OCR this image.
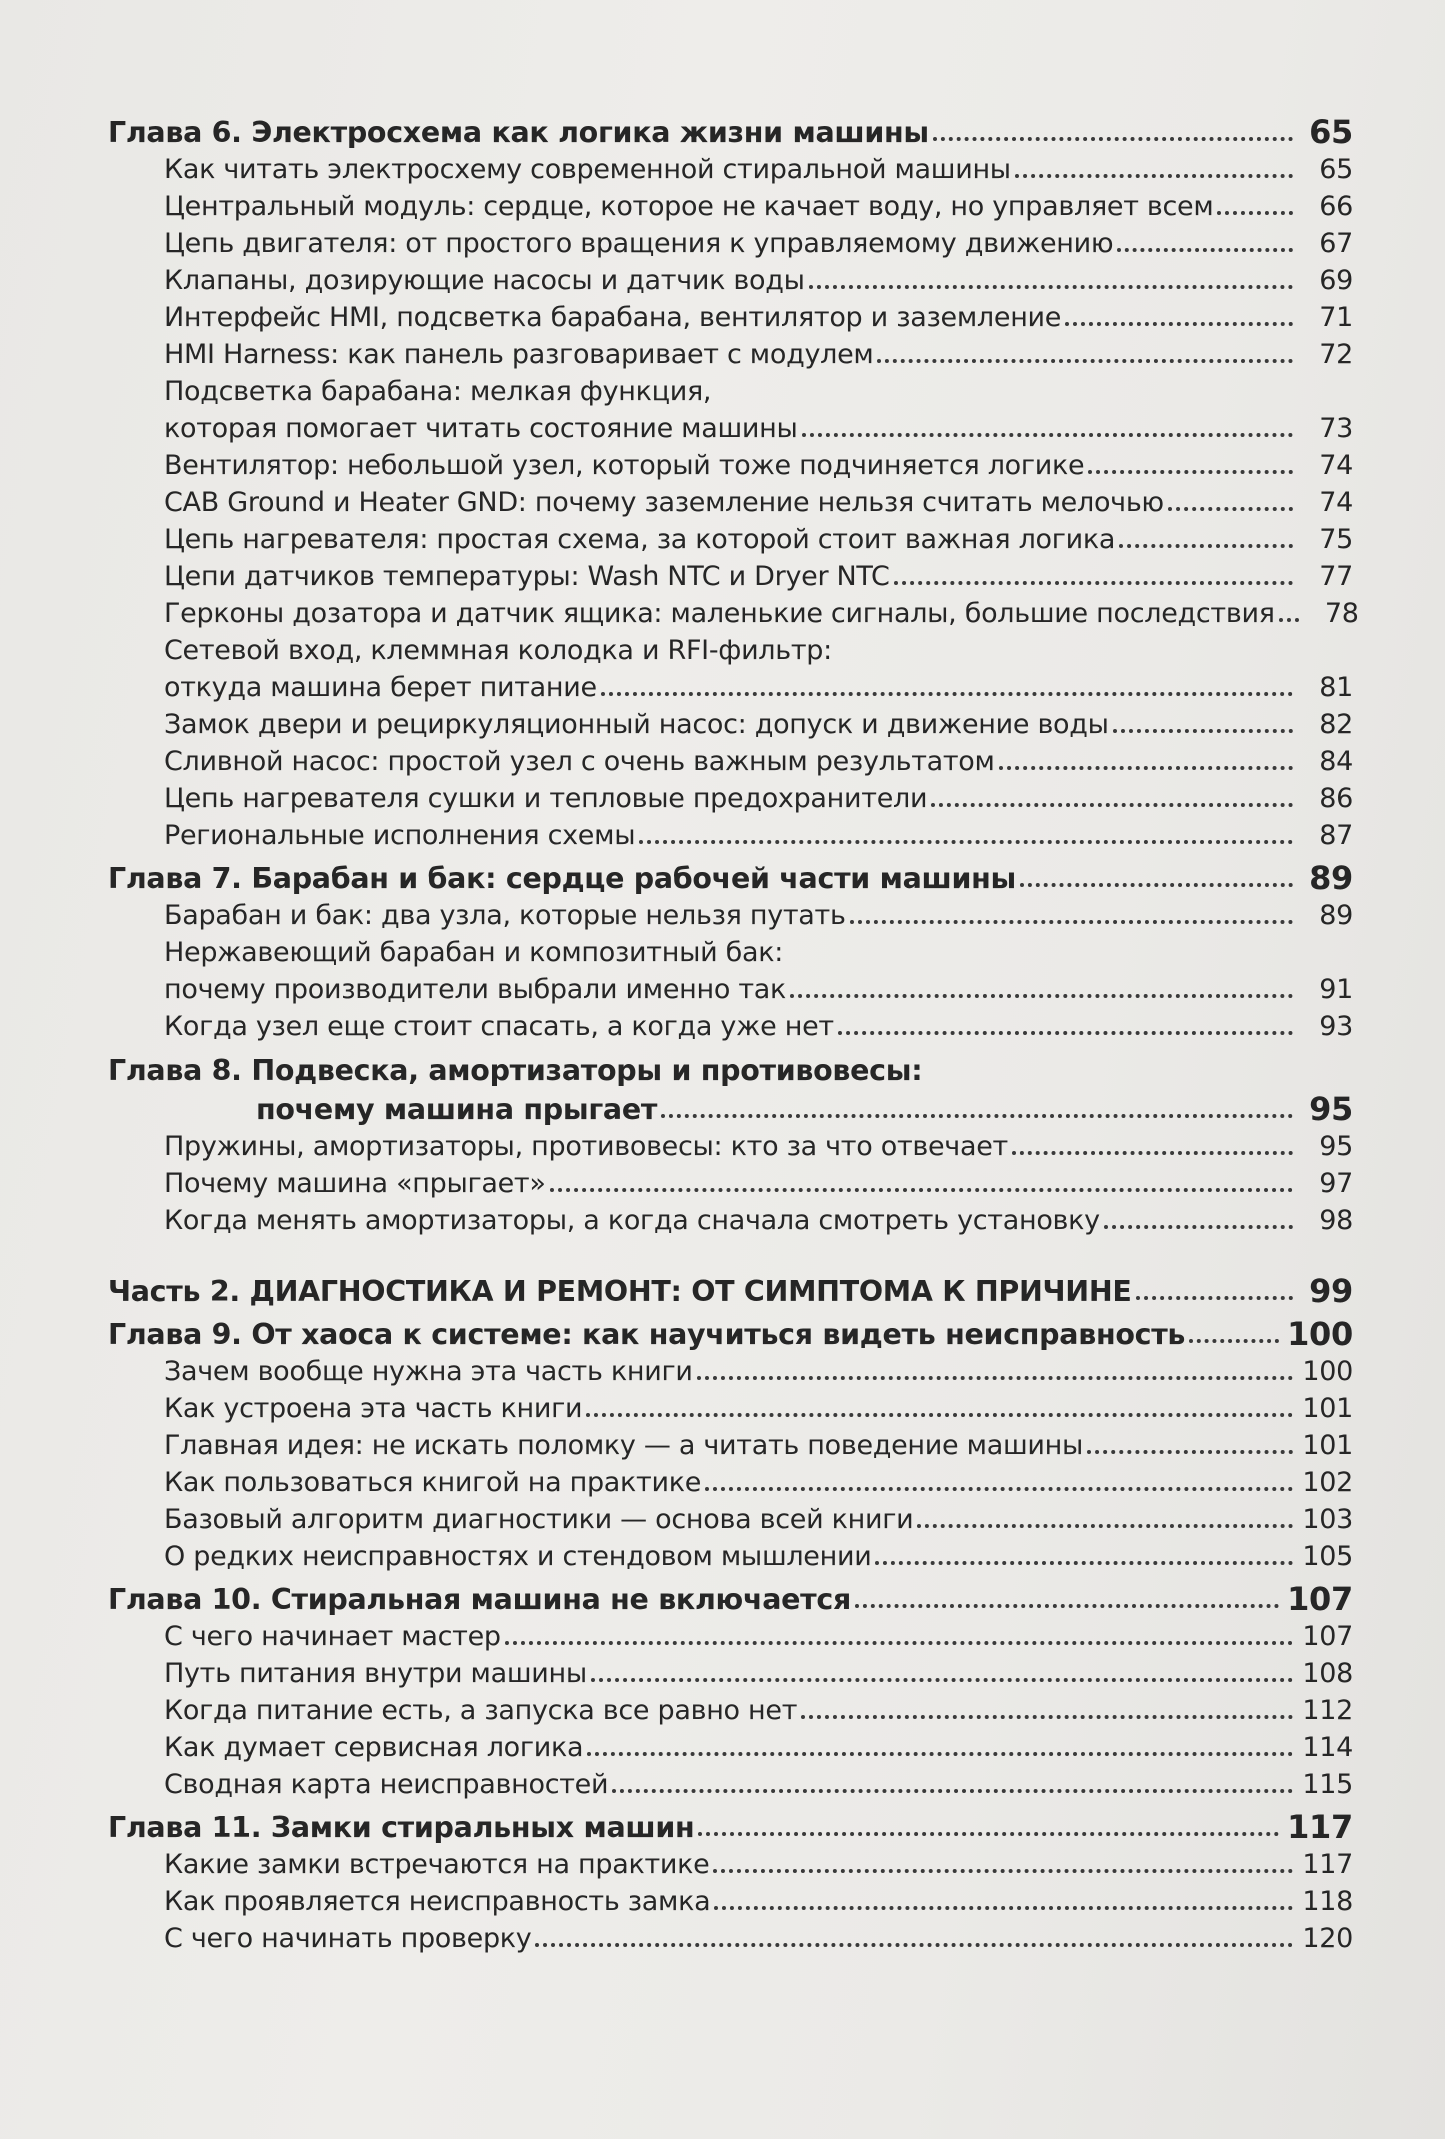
Глава 6. Электросхема как логика жизни машины	65
Как читать электросхему современной стиральной машины	65
Центральный модуль: сердце, которое не качает воду, но управляет всем	66
Цепь двигателя: от простого вращения к управляемому движению	67
Клапаны, дозирующие насосы и датчик воды	69
Интерфейс HMI, подсветка барабана, вентилятор и заземление	71
HMI Harness: как панель разговаривает с модулем	72
Подсветка барабана: мелкая функция,
которая помогает читать состояние машины	73
Вентилятор: небольшой узел, который тоже подчиняется логике	74
CAB Ground и Heater GND: почему заземление нельзя считать мелочью	74
Цепь нагревателя: простая схема, за которой стоит важная логика	75
Цепи датчиков температуры: Wash NTC и Dryer NTC	77
Герконы дозатора и датчик ящика: маленькие сигналы, большие последствия	78
Сетевой вход, клеммная колодка и RFI-фильтр:
откуда машина берет питание	81
Замок двери и рециркуляционный насос: допуск и движение воды	82
Сливной насос: простой узел с очень важным результатом	84
Цепь нагревателя сушки и тепловые предохранители	86
Региональные исполнения схемы	87
Глава 7. Барабан и бак: сердце рабочей части машины	89
Барабан и бак: два узла, которые нельзя путать	89
Нержавеющий барабан и композитный бак:
почему производители выбрали именно так	91
Когда узел еще стоит спасать, а когда уже нет	93
Глава 8. Подвеска, амортизаторы и противовесы:
почему машина прыгает	95
Пружины, амортизаторы, противовесы: кто за что отвечает	95
Почему машина «прыгает»	97
Когда менять амортизаторы, а когда сначала смотреть установку	98
Часть 2. ДИАГНОСТИКА И РЕМОНТ: ОТ СИМПТОМА К ПРИЧИНЕ	99
Глава 9. От хаоса к системе: как научиться видеть неисправность	100
Зачем вообще нужна эта часть книги	100
Как устроена эта часть книги	101
Главная идея: не искать поломку — а читать поведение машины	101
Как пользоваться книгой на практике	102
Базовый алгоритм диагностики — основа всей книги	103
О редких неисправностях и стендовом мышлении	105
Глава 10. Стиральная машина не включается	107
С чего начинает мастер	107
Путь питания внутри машины	108
Когда питание есть, а запуска все равно нет	112
Как думает сервисная логика	114
Сводная карта неисправностей	115
Глава 11. Замки стиральных машин	117
Какие замки встречаются на практике	117
Как проявляется неисправность замка	118
С чего начинать проверку	120
